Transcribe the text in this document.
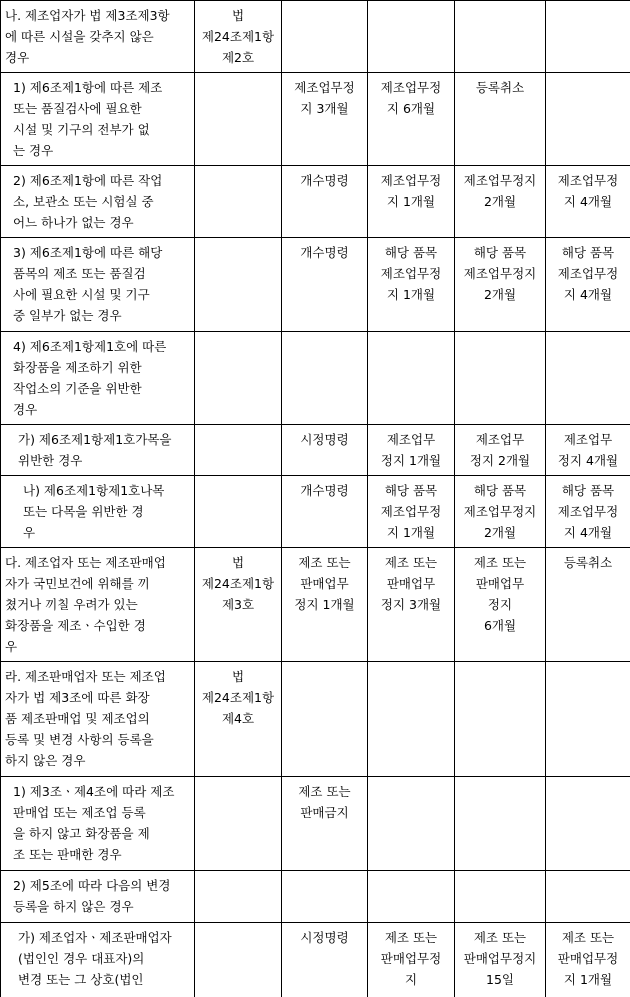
나. 제조업자가 법 제3조제3항
에 따른 시설을 갖추지 않은
경우	법
제24조제1항
제2호				

1) 제6조제1항에 따른 제조
또는 품질검사에 필요한
시설 및 기구의 전부가 없
는 경우		제조업무정
지 3개월	제조업무정
지 6개월	등록취소	

2) 제6조제1항에 따른 작업
소, 보관소 또는 시험실 중
어느 하나가 없는 경우		개수명령	제조업무정
지 1개월	제조업무정지
2개월	제조업무정
지 4개월

3) 제6조제1항에 따른 해당
품목의 제조 또는 품질검
사에 필요한 시설 및 기구
중 일부가 없는 경우		개수명령	해당 품목
제조업무정
지 1개월	해당 품목
제조업무정지
2개월	해당 품목
제조업무정
지 4개월

4) 제6조제1항제1호에 따른
화장품을 제조하기 위한
작업소의 기준을 위반한
경우					

가) 제6조제1항제1호가목을
위반한 경우		시정명령	제조업무
정지 1개월	제조업무
정지 2개월	제조업무
정지 4개월

나) 제6조제1항제1호나목
또는 다목을 위반한 경
우		개수명령	해당 품목
제조업무정
지 1개월	해당 품목
제조업무정지
2개월	해당 품목
제조업무정
지 4개월

다. 제조업자 또는 제조판매업
자가 국민보건에 위해를 끼
쳤거나 끼칠 우려가 있는
화장품을 제조ㆍ수입한 경
우	법
제24조제1항
제3호	제조 또는
판매업무
정지 1개월	제조 또는
판매업무
정지 3개월	제조 또는
판매업무
정지
6개월	등록취소

라. 제조판매업자 또는 제조업
자가 법 제3조에 따른 화장
품 제조판매업 및 제조업의
등록 및 변경 사항의 등록을
하지 않은 경우	법
제24조제1항
제4호				

1) 제3조ㆍ제4조에 따라 제조
판매업 또는 제조업 등록
을 하지 않고 화장품을 제
조 또는 판매한 경우		제조 또는
판매금지			

2) 제5조에 따라 다음의 변경
등록을 하지 않은 경우					

가) 제조업자ㆍ제조판매업자
(법인인 경우 대표자)의
변경 또는 그 상호(법인		시정명령	제조 또는
판매업무정
지	제조 또는
판매업무정지
15일	제조 또는
판매업무정
지 1개월
